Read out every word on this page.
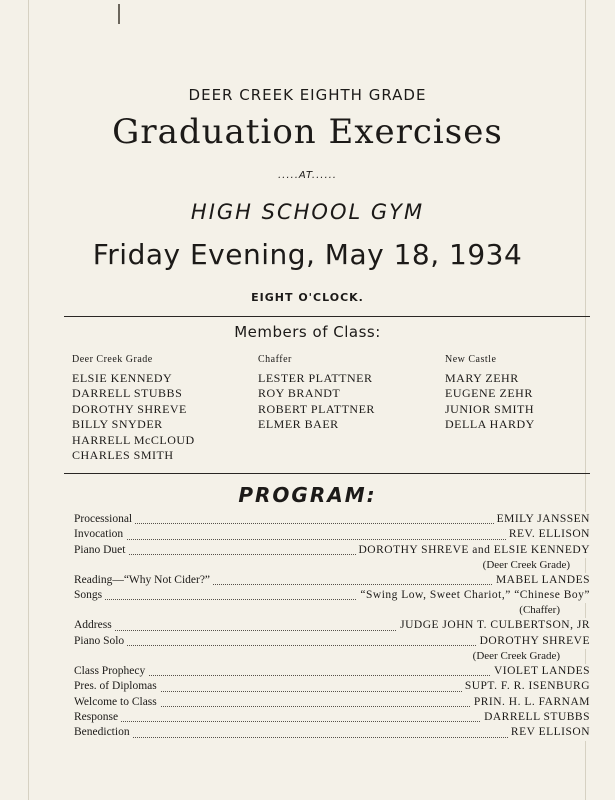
DEER CREEK EIGHTH GRADE
Graduation Exercises
.....AT......
HIGH SCHOOL GYM
Friday Evening, May 18, 1934
EIGHT O'CLOCK.
Members of Class:
Deer Creek Grade
ELSIE KENNEDY
DARRELL STUBBS
DOROTHY SHREVE
BILLY SNYDER
HARRELL McCLOUD
CHARLES SMITH
Chaffer
LESTER PLATTNER
ROY BRANDT
ROBERT PLATTNER
ELMER BAER
New Castle
MARY ZEHR
EUGENE ZEHR
JUNIOR SMITH
DELLA HARDY
PROGRAM:
Processional	EMILY JANSSEN
Invocation	REV. ELLISON
Piano Duet	DOROTHY SHREVE and ELSIE KENNEDY
(Deer Creek Grade)
Reading—“Why Not Cider?”	MABEL LANDES
Songs	“Swing Low, Sweet Chariot,” “Chinese Boy”
(Chaffer)
Address	JUDGE JOHN T. CULBERTSON, JR
Piano Solo	DOROTHY SHREVE
(Deer Creek Grade)
Class Prophecy	VIOLET LANDES
Pres. of Diplomas	SUPT. F. R. ISENBURG
Welcome to Class	PRIN. H. L. FARNAM
Response	DARRELL STUBBS
Benediction	REV ELLISON
